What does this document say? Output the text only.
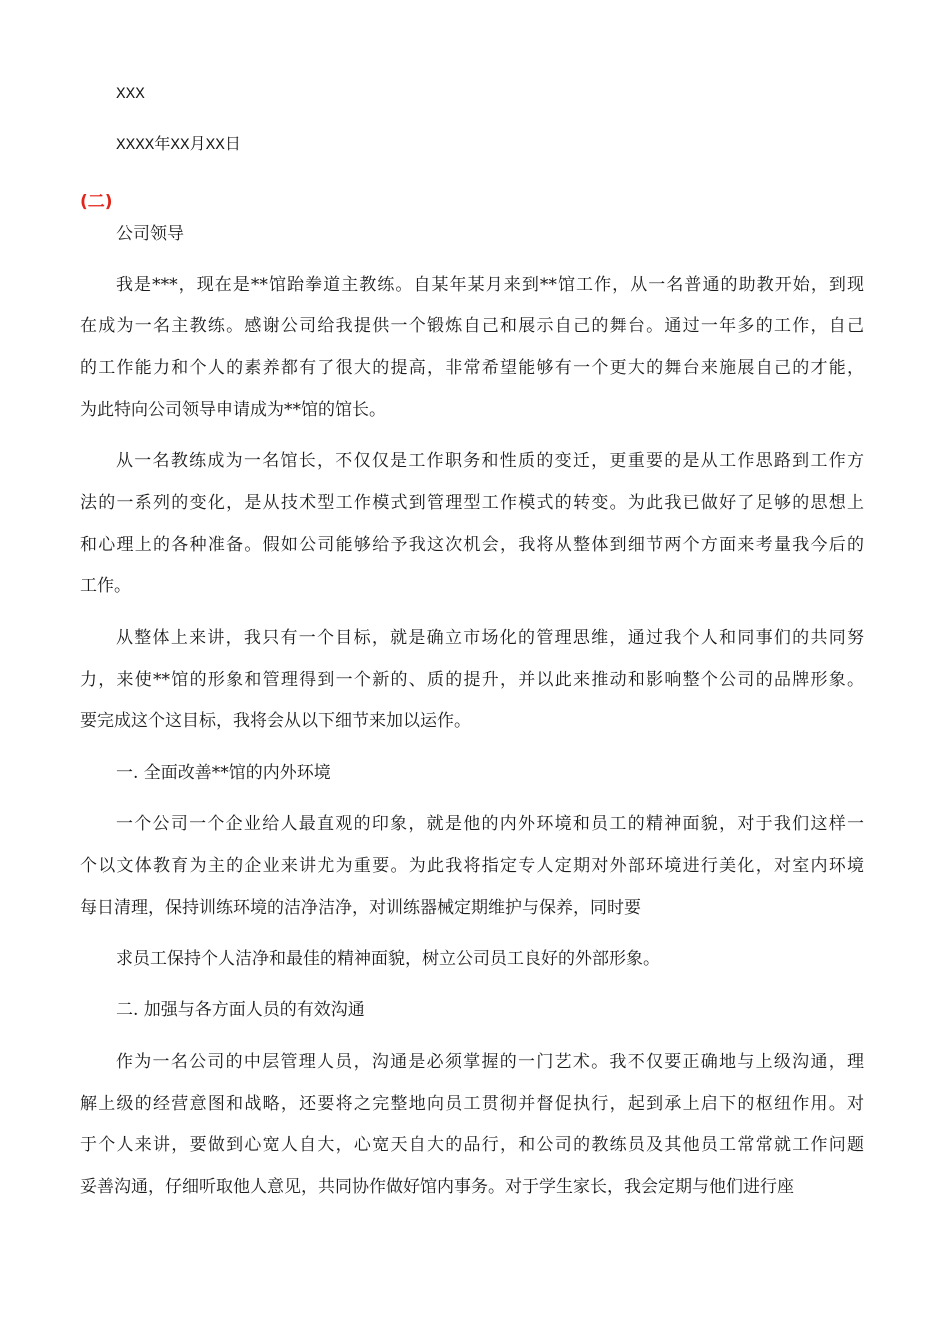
XXX
XXXX年XX月XX日
(二)
公司领导
我是***，现在是**馆跆拳道主教练。自某年某月来到**馆工作，从一名普通的助教开始，到现
在成为一名主教练。感谢公司给我提供一个锻炼自己和展示自己的舞台。通过一年多的工作，自己
的工作能力和个人的素养都有了很大的提高，非常希望能够有一个更大的舞台来施展自己的才能，
为此特向公司领导申请成为**馆的馆长。
从一名教练成为一名馆长，不仅仅是工作职务和性质的变迁，更重要的是从工作思路到工作方
法的一系列的变化，是从技术型工作模式到管理型工作模式的转变。为此我已做好了足够的思想上
和心理上的各种准备。假如公司能够给予我这次机会，我将从整体到细节两个方面来考量我今后的
工作。
从整体上来讲，我只有一个目标，就是确立市场化的管理思维，通过我个人和同事们的共同努
力，来使**馆的形象和管理得到一个新的、质的提升，并以此来推动和影响整个公司的品牌形象。
要完成这个这目标，我将会从以下细节来加以运作。
一. 全面改善**馆的内外环境
一个公司一个企业给人最直观的印象，就是他的内外环境和员工的精神面貌，对于我们这样一
个以文体教育为主的企业来讲尤为重要。为此我将指定专人定期对外部环境进行美化，对室内环境
每日清理，保持训练环境的洁净洁净，对训练器械定期维护与保养，同时要
求员工保持个人洁净和最佳的精神面貌，树立公司员工良好的外部形象。
二. 加强与各方面人员的有效沟通
作为一名公司的中层管理人员，沟通是必须掌握的一门艺术。我不仅要正确地与上级沟通，理
解上级的经营意图和战略，还要将之完整地向员工贯彻并督促执行，起到承上启下的枢纽作用。对
于个人来讲，要做到心宽人自大，心宽天自大的品行，和公司的教练员及其他员工常常就工作问题
妥善沟通，仔细听取他人意见，共同协作做好馆内事务。对于学生家长，我会定期与他们进行座
